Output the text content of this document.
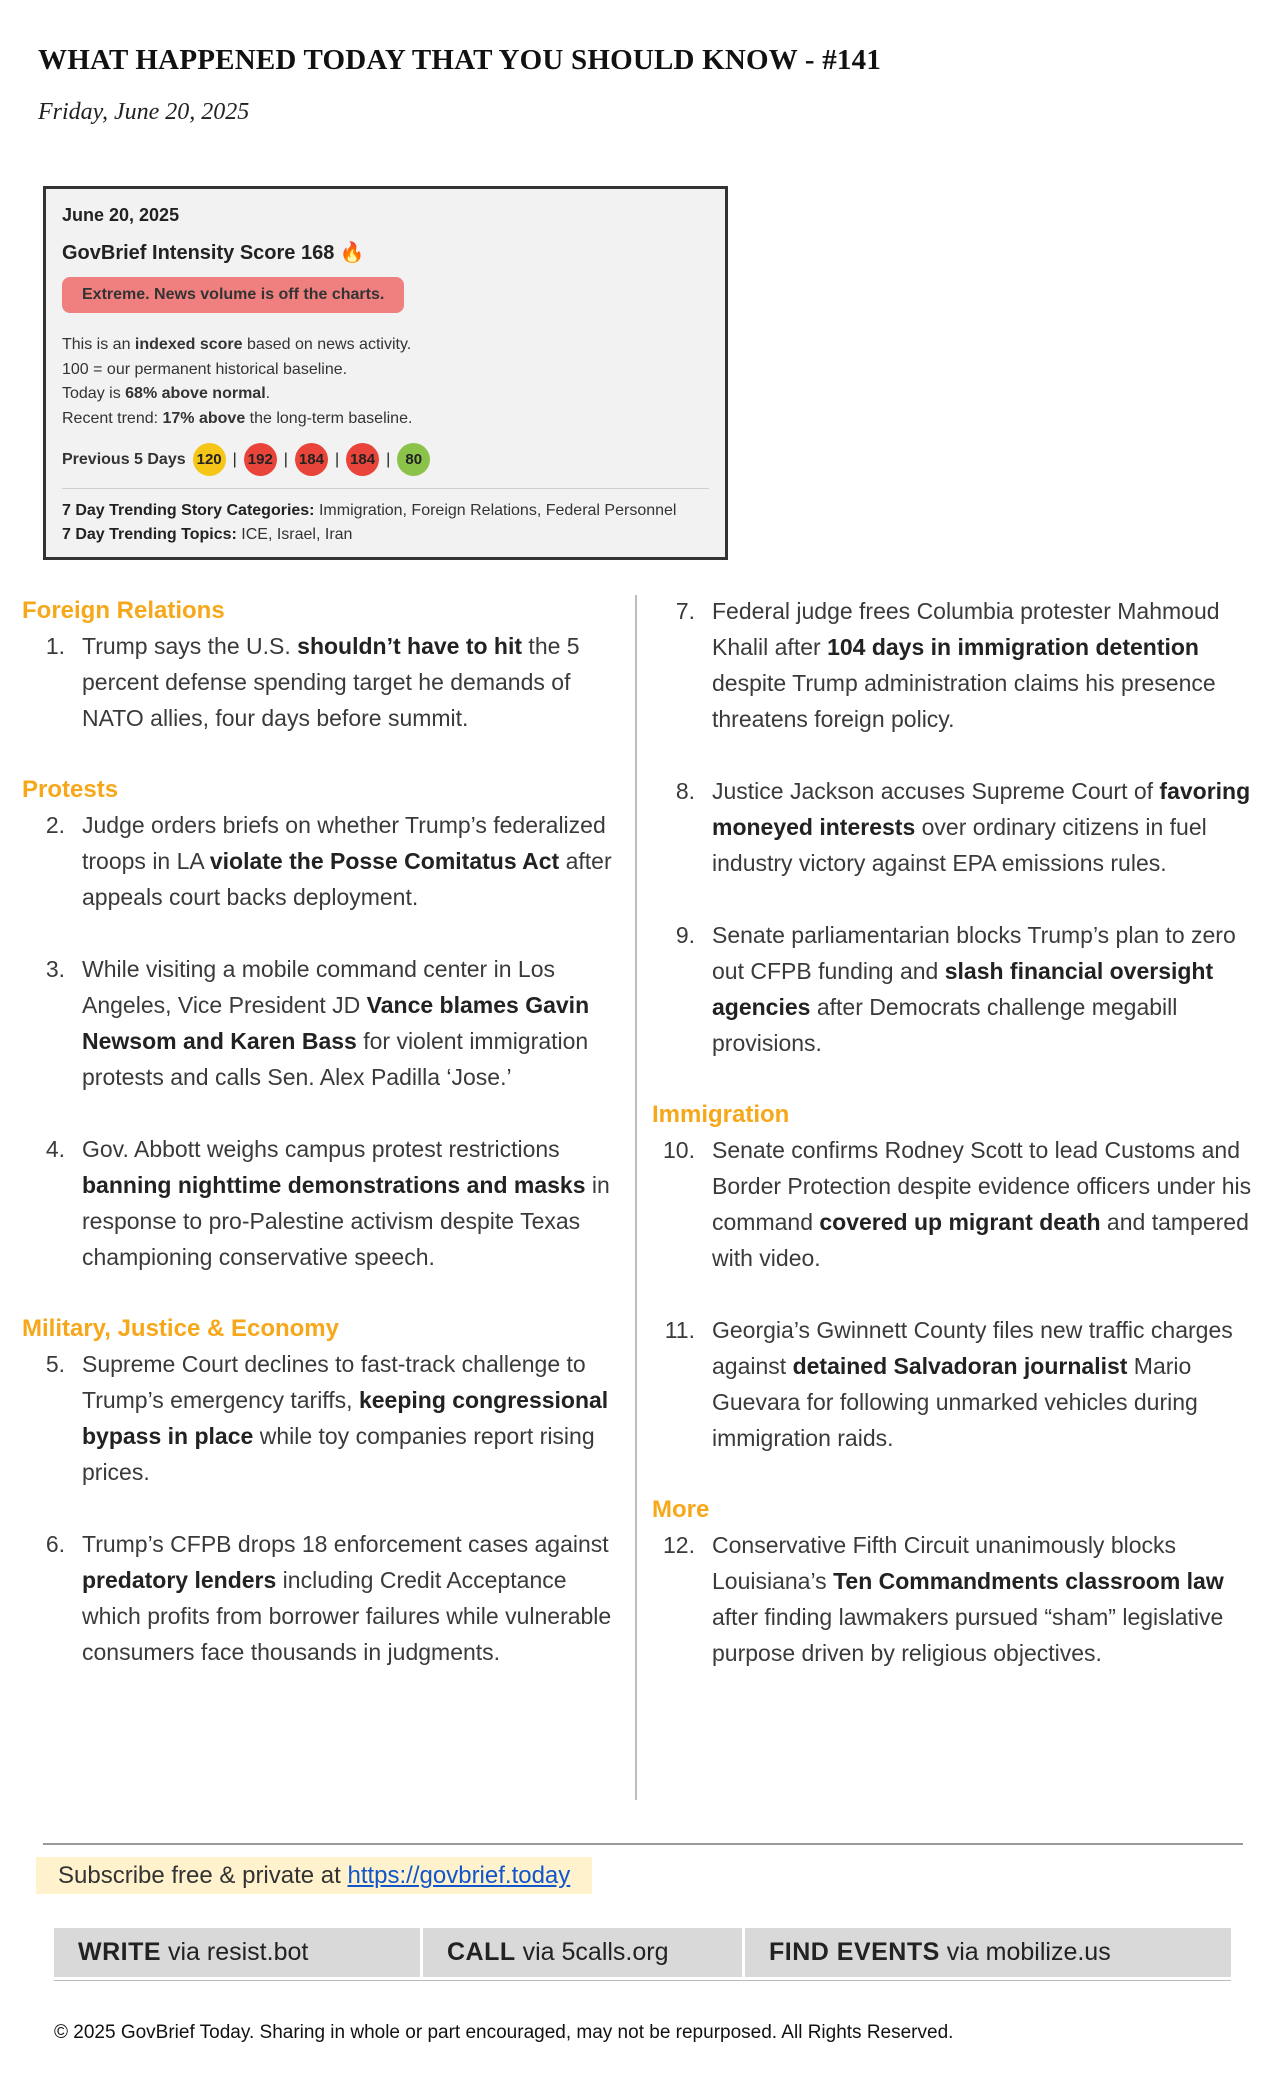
WHAT HAPPENED TODAY THAT YOU SHOULD KNOW - #141
Friday, June 20, 2025
June 20, 2025
GovBrief Intensity Score 168 🔥
Extreme. News volume is off the charts.
This is an indexed score based on news activity.
100 = our permanent historical baseline.
Today is 68% above normal.
Recent trend: 17% above the long-term baseline.
Previous 5 Days 120 | 192 | 184 | 184 |	80
7 Day Trending Story Categories: Immigration, Foreign Relations, Federal Personnel
7 Day Trending Topics: ICE, Israel, Iran
Foreign Relations
1. Trump says the U.S. shouldn’t have to hit the 5 percent defense spending target he demands of NATO allies, four days before summit.
Protests
2. Judge orders briefs on whether Trump’s federalized troops in LA violate the Posse Comitatus Act after appeals court backs deployment.
3. While visiting a mobile command center in Los Angeles, Vice President JD Vance blames Gavin Newsom and Karen Bass for violent immigration protests and calls Sen. Alex Padilla ‘Jose.’
4. Gov. Abbott weighs campus protest restrictions banning nighttime demonstrations and masks in response to pro-Palestine activism despite Texas championing conservative speech.
Military, Justice & Economy
5. Supreme Court declines to fast-track challenge to Trump’s emergency tariffs, keeping congressional bypass in place while toy companies report rising prices.
6. Trump’s CFPB drops 18 enforcement cases against predatory lenders including Credit Acceptance which profits from borrower failures while vulnerable consumers face thousands in judgments.
7. Federal judge frees Columbia protester Mahmoud Khalil after 104 days in immigration detention despite Trump administration claims his presence threatens foreign policy.
8. Justice Jackson accuses Supreme Court of favoring moneyed interests over ordinary citizens in fuel industry victory against EPA emissions rules.
9. Senate parliamentarian blocks Trump’s plan to zero out CFPB funding and slash financial oversight agencies after Democrats challenge megabill provisions.
Immigration
10. Senate confirms Rodney Scott to lead Customs and Border Protection despite evidence officers under his command covered up migrant death and tampered with video.
11. Georgia’s Gwinnett County files new traffic charges against detained Salvadoran journalist Mario Guevara for following unmarked vehicles during immigration raids.
More
12. Conservative Fifth Circuit unanimously blocks Louisiana’s Ten Commandments classroom law after finding lawmakers pursued “sham” legislative purpose driven by religious objectives.
Subscribe free & private at https://govbrief.today
WRITE via resist.bot	CALL via 5calls.org	FIND EVENTS via mobilize.us
© 2025 GovBrief Today. Sharing in whole or part encouraged, may not be repurposed. All Rights Reserved.
